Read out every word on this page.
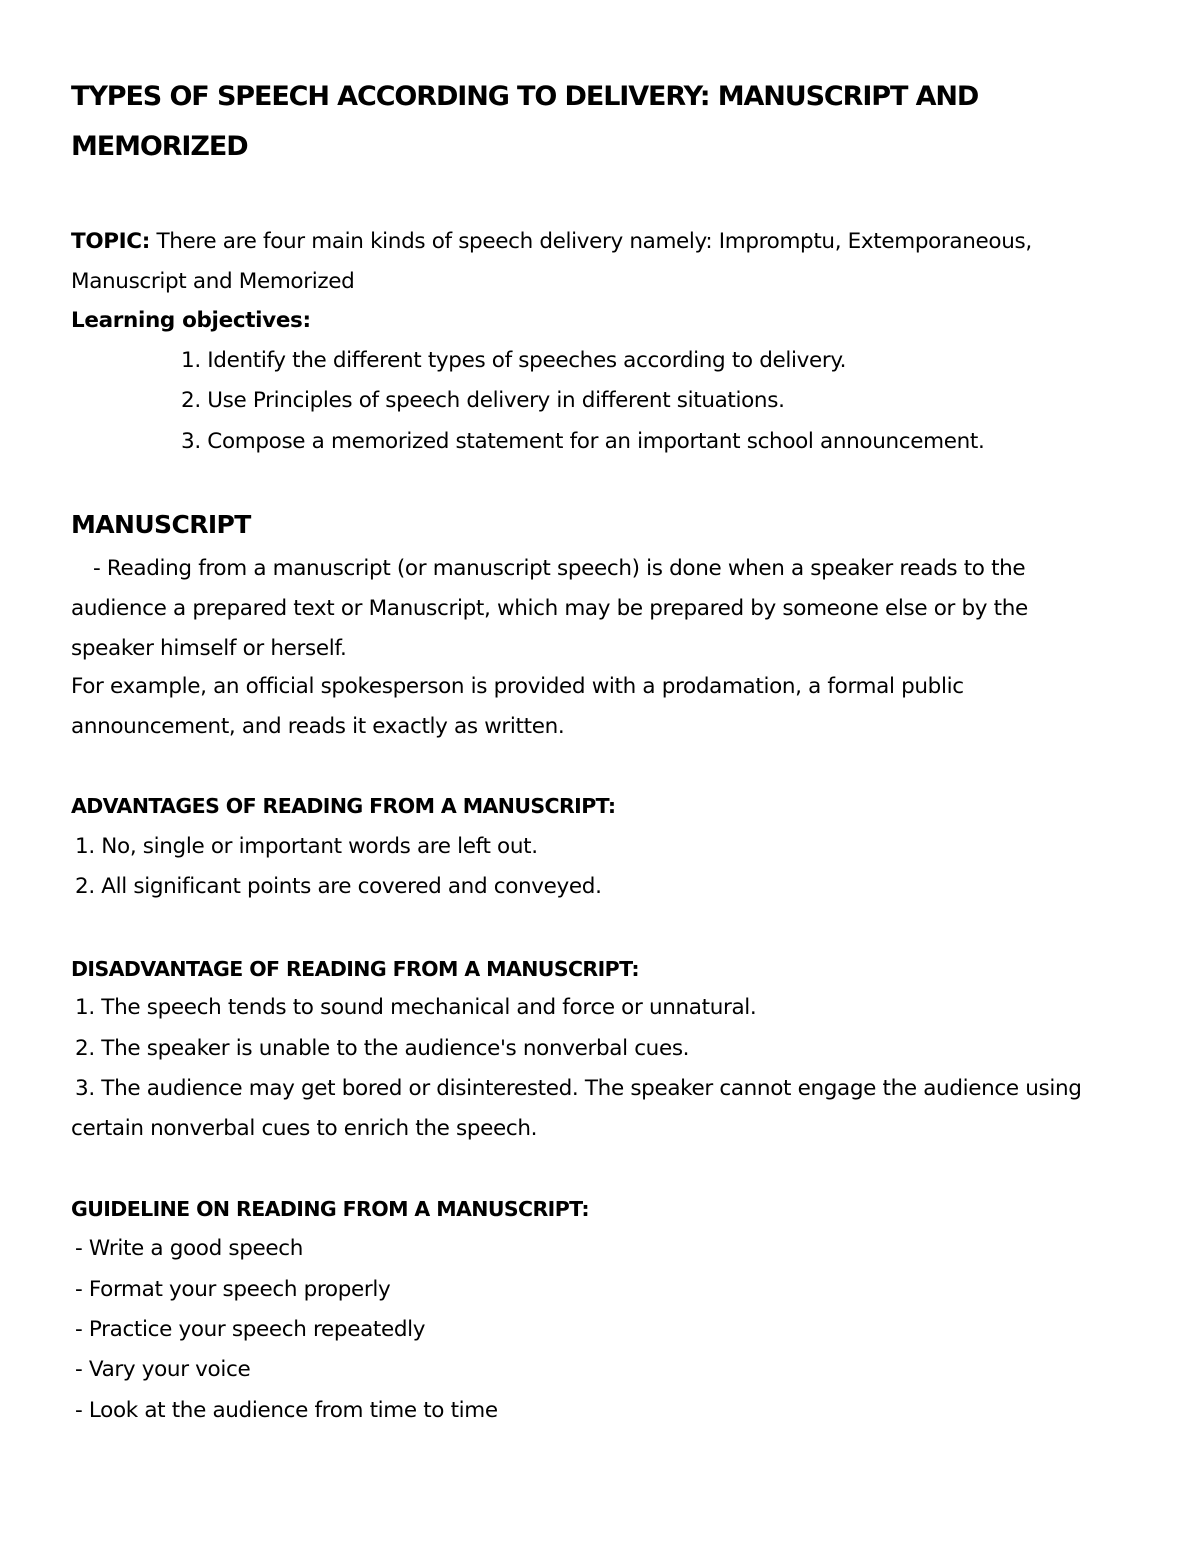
TYPES OF SPEECH ACCORDING TO DELIVERY: MANUSCRIPT AND MEMORIZED

TOPIC: There are four main kinds of speech delivery namely: Impromptu, Extemporaneous, Manuscript and Memorized

Learning objectives:

1. Identify the different types of speeches according to delivery.
2. Use Principles of speech delivery in different situations.
3. Compose a memorized statement for an important school announcement.
MANUSCRIPT

- Reading from a manuscript (or manuscript speech) is done when a speaker reads to the audience a prepared text or Manuscript, which may be prepared by someone else or by the speaker himself or herself.

For example, an official spokesperson is provided with a prodamation, a formal public announcement, and reads it exactly as written.

ADVANTAGES OF READING FROM A MANUSCRIPT:
1. No, single or important words are left out.
2. All significant points are covered and conveyed.
DISADVANTAGE OF READING FROM A MANUSCRIPT:
1. The speech tends to sound mechanical and force or unnatural.
2. The speaker is unable to the audience's nonverbal cues.
3. The audience may get bored or disinterested. The speaker cannot engage the audience using certain nonverbal cues to enrich the speech.
GUIDELINE ON READING FROM A MANUSCRIPT:
- Write a good speech
- Format your speech properly
- Practice your speech repeatedly
- Vary your voice
- Look at the audience from time to time
